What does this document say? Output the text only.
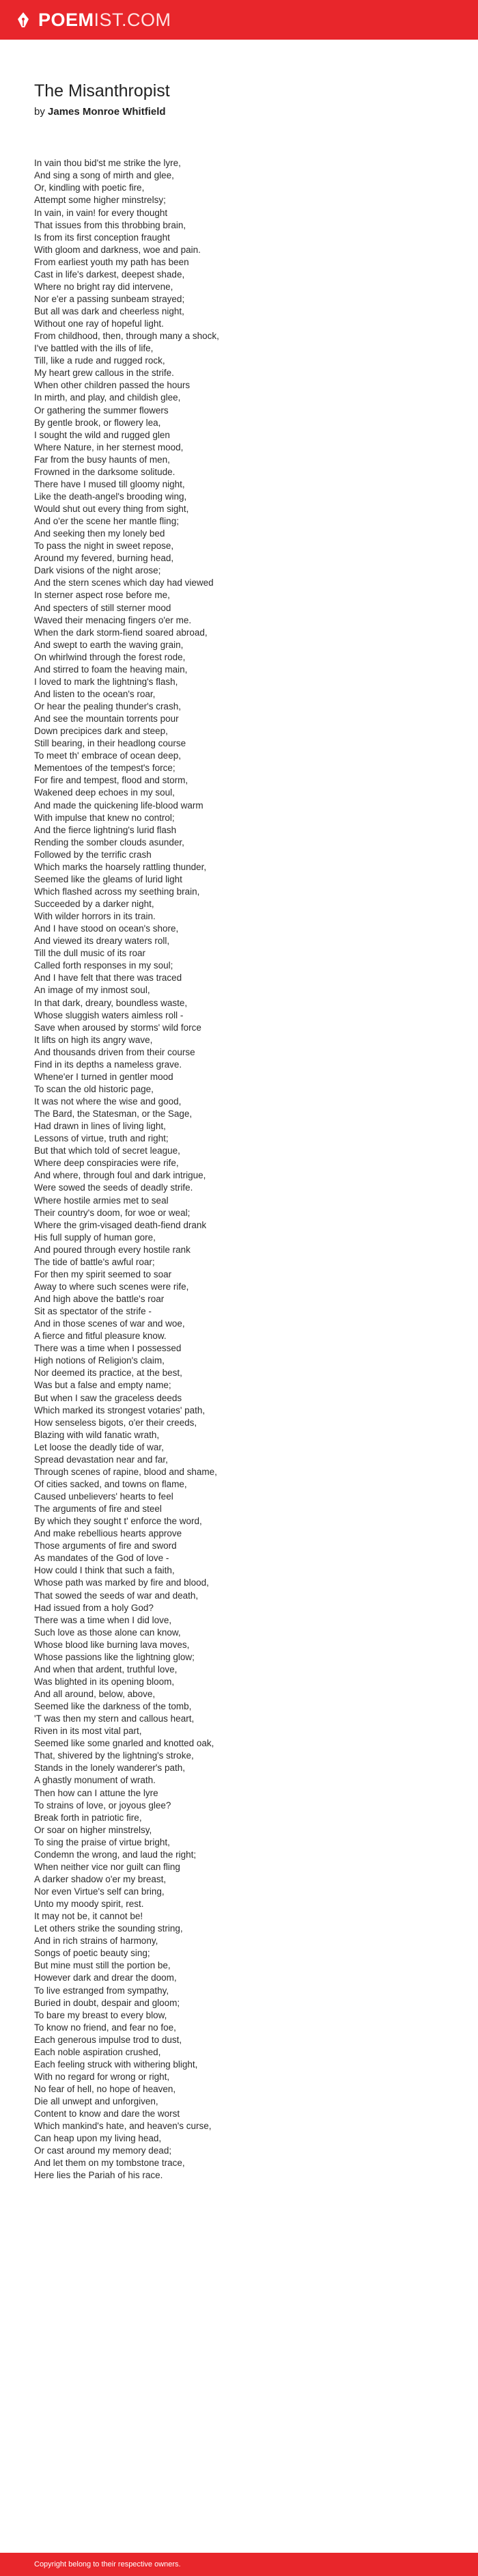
POEMIST.COM
The Misanthropist
by James Monroe Whitfield
In vain thou bid'st me strike the lyre,
And sing a song of mirth and glee,
Or, kindling with poetic fire,
Attempt some higher minstrelsy;
In vain, in vain! for every thought
That issues from this throbbing brain,
Is from its first conception fraught
With gloom and darkness, woe and pain.
From earliest youth my path has been
Cast in life's darkest, deepest shade,
Where no bright ray did intervene,
Nor e'er a passing sunbeam strayed;
But all was dark and cheerless night,
Without one ray of hopeful light.
From childhood, then, through many a shock,
I've battled with the ills of life,
Till, like a rude and rugged rock,
My heart grew callous in the strife.
When other children passed the hours
In mirth, and play, and childish glee,
Or gathering the summer flowers
By gentle brook, or flowery lea,
I sought the wild and rugged glen
Where Nature, in her sternest mood,
Far from the busy haunts of men,
Frowned in the darksome solitude.
There have I mused till gloomy night,
Like the death-angel's brooding wing,
Would shut out every thing from sight,
And o'er the scene her mantle fling;
And seeking then my lonely bed
To pass the night in sweet repose,
Around my fevered, burning head,
Dark visions of the night arose;
And the stern scenes which day had viewed
In sterner aspect rose before me,
And specters of still sterner mood
Waved their menacing fingers o'er me.
When the dark storm-fiend soared abroad,
And swept to earth the waving grain,
On whirlwind through the forest rode,
And stirred to foam the heaving main,
I loved to mark the lightning's flash,
And listen to the ocean's roar,
Or hear the pealing thunder's crash,
And see the mountain torrents pour
Down precipices dark and steep,
Still bearing, in their headlong course
To meet th' embrace of ocean deep,
Mementoes of the tempest's force;
For fire and tempest, flood and storm,
Wakened deep echoes in my soul,
And made the quickening life-blood warm
With impulse that knew no control;
And the fierce lightning's lurid flash
Rending the somber clouds asunder,
Followed by the terrific crash
Which marks the hoarsely rattling thunder,
Seemed like the gleams of lurid light
Which flashed across my seething brain,
Succeeded by a darker night,
With wilder horrors in its train.
And I have stood on ocean's shore,
And viewed its dreary waters roll,
Till the dull music of its roar
Called forth responses in my soul;
And I have felt that there was traced
An image of my inmost soul,
In that dark, dreary, boundless waste,
Whose sluggish waters aimless roll -
Save when aroused by storms' wild force
It lifts on high its angry wave,
And thousands driven from their course
Find in its depths a nameless grave.
Whene'er I turned in gentler mood
To scan the old historic page,
It was not where the wise and good,
The Bard, the Statesman, or the Sage,
Had drawn in lines of living light,
Lessons of virtue, truth and right;
But that which told of secret league,
Where deep conspiracies were rife,
And where, through foul and dark intrigue,
Were sowed the seeds of deadly strife.
Where hostile armies met to seal
Their country's doom, for woe or weal;
Where the grim-visaged death-fiend drank
His full supply of human gore,
And poured through every hostile rank
The tide of battle's awful roar;
For then my spirit seemed to soar
Away to where such scenes were rife,
And high above the battle's roar
Sit as spectator of the strife -
And in those scenes of war and woe,
A fierce and fitful pleasure know.
There was a time when I possessed
High notions of Religion's claim,
Nor deemed its practice, at the best,
Was but a false and empty name;
But when I saw the graceless deeds
Which marked its strongest votaries' path,
How senseless bigots, o'er their creeds,
Blazing with wild fanatic wrath,
Let loose the deadly tide of war,
Spread devastation near and far,
Through scenes of rapine, blood and shame,
Of cities sacked, and towns on flame,
Caused unbelievers' hearts to feel
The arguments of fire and steel
By which they sought t' enforce the word,
And make rebellious hearts approve
Those arguments of fire and sword
As mandates of the God of love -
How could I think that such a faith,
Whose path was marked by fire and blood,
That sowed the seeds of war and death,
Had issued from a holy God?
There was a time when I did love,
Such love as those alone can know,
Whose blood like burning lava moves,
Whose passions like the lightning glow;
And when that ardent, truthful love,
Was blighted in its opening bloom,
And all around, below, above,
Seemed like the darkness of the tomb,
'T was then my stern and callous heart,
Riven in its most vital part,
Seemed like some gnarled and knotted oak,
That, shivered by the lightning's stroke,
Stands in the lonely wanderer's path,
A ghastly monument of wrath.
Then how can I attune the lyre
To strains of love, or joyous glee?
Break forth in patriotic fire,
Or soar on higher minstrelsy,
To sing the praise of virtue bright,
Condemn the wrong, and laud the right;
When neither vice nor guilt can fling
A darker shadow o'er my breast,
Nor even Virtue's self can bring,
Unto my moody spirit, rest.
It may not be, it cannot be!
Let others strike the sounding string,
And in rich strains of harmony,
Songs of poetic beauty sing;
But mine must still the portion be,
However dark and drear the doom,
To live estranged from sympathy,
Buried in doubt, despair and gloom;
To bare my breast to every blow,
To know no friend, and fear no foe,
Each generous impulse trod to dust,
Each noble aspiration crushed,
Each feeling struck with withering blight,
With no regard for wrong or right,
No fear of hell, no hope of heaven,
Die all unwept and unforgiven,
Content to know and dare the worst
Which mankind's hate, and heaven's curse,
Can heap upon my living head,
Or cast around my memory dead;
And let them on my tombstone trace,
Here lies the Pariah of his race.
Copyright belong to their respective owners.
